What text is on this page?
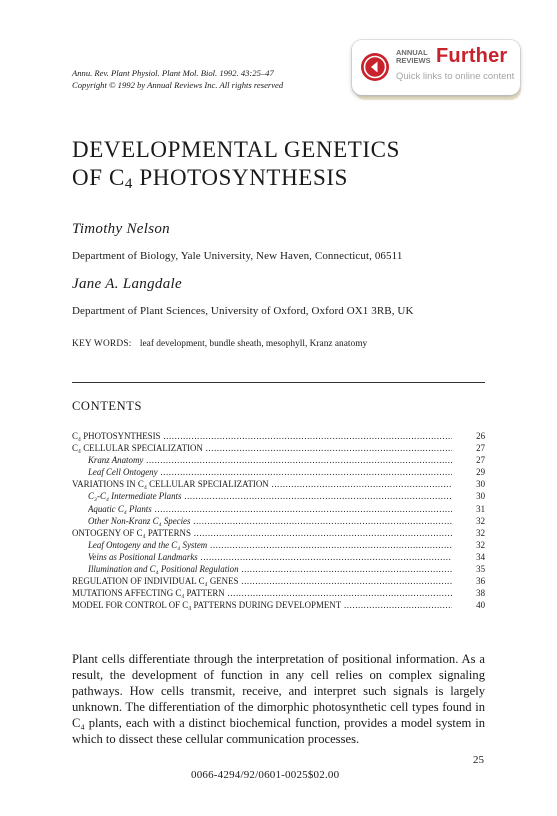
Annu. Rev. Plant Physiol. Plant Mol. Biol. 1992. 43:25–47
Copyright © 1992 by Annual Reviews Inc. All rights reserved
ANNUAL
REVIEWS Further
Quick links to online content
DEVELOPMENTAL GENETICS
OF $C_4$ PHOTOSYNTHESIS
Timothy Nelson
Department of Biology, Yale University, New Haven, Connecticut, 06511
Jane A. Langdale
Department of Plant Sciences, University of Oxford, Oxford OX1 3RB, UK
KEY WORDS: leaf development, bundle sheath, mesophyll, Kranz anatomy
CONTENTS
C₄ PHOTOSYNTHESIS .....	26
C₄ CELLULAR SPECIALIZATION .....	27
Kranz Anatomy .....	27
Leaf Cell Ontogeny .....	29
VARIATIONS IN C₄ CELLULAR SPECIALIZATION .....	30
C₃-C₄ Intermediate Plants .....	30
Aquatic C₄ Plants .....	31
Other Non-Kranz C₄ Species .....	32
ONTOGENY OF C₄ PATTERNS .....	32
Leaf Ontogeny and the C₄ System .....	32
Veins as Positional Landmarks .....	34
Illumination and C₄ Positional Regulation .....	35
REGULATION OF INDIVIDUAL C₄ GENES .....	36
MUTATIONS AFFECTING C₄ PATTERN .....	38
MODEL FOR CONTROL OF C₄ PATTERNS DURING DEVELOPMENT .....	40

Plant cells differentiate through the interpretation of positional information. As a result, the development of function in any cell relies on complex signaling pathways. How cells transmit, receive, and interpret such signals is largely unknown. The differentiation of the dimorphic photosynthetic cell types found in C₄ plants, each with a distinct biochemical function, provides a model system in which to dissect these cellular communication processes.

25
0066-4294/92/0601-0025$02.00
